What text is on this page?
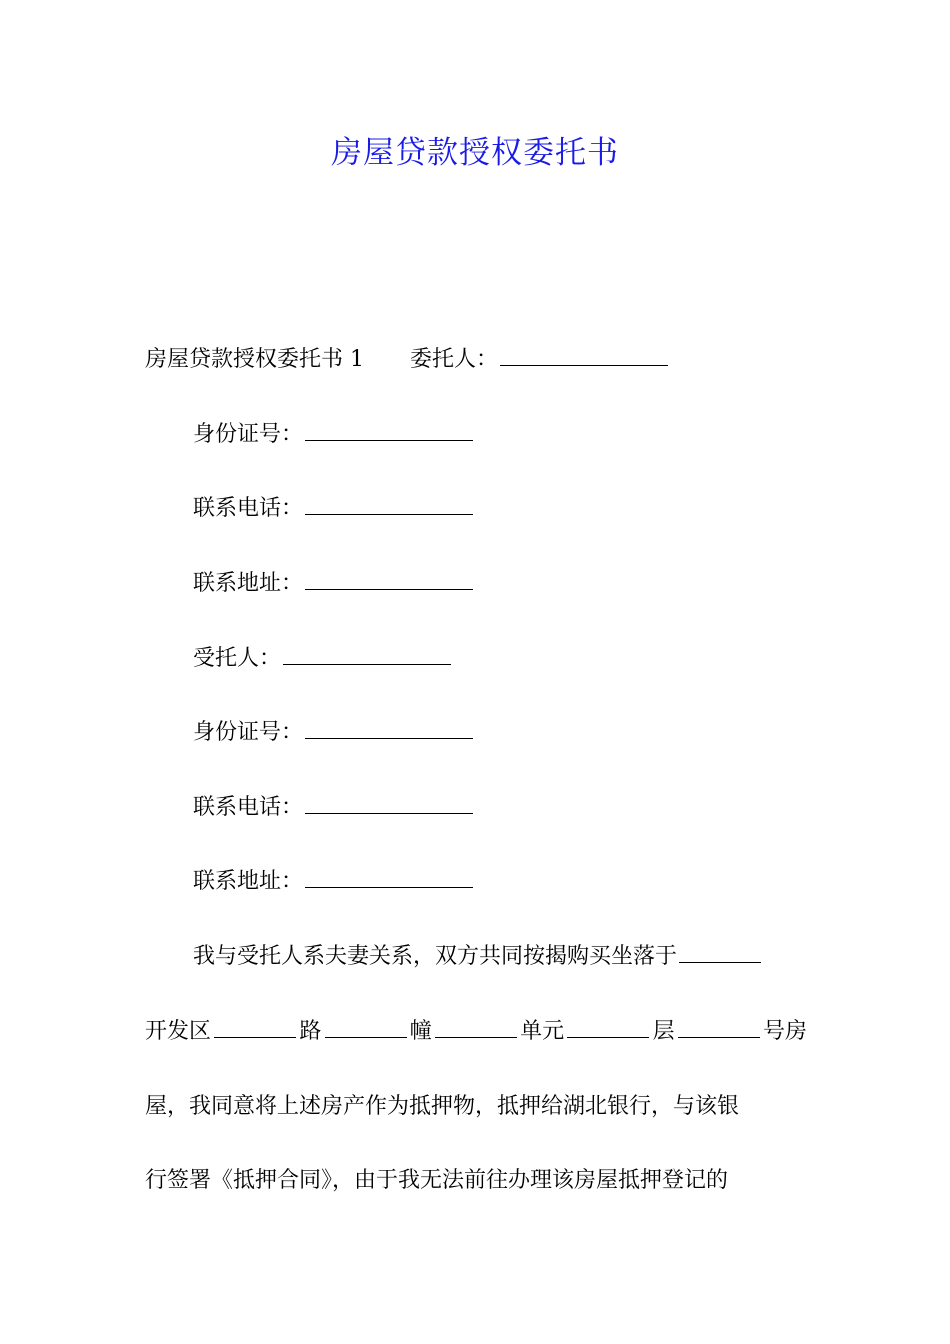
房屋贷款授权委托书
房屋贷款授权委托书 1 委托人：
身份证号：
联系电话：
联系地址：
受托人：
身份证号：
联系电话：
联系地址：
我与受托人系夫妻关系，双方共同按揭购买坐落于
开发区	路	幢	单元	层	号房
屋，我同意将上述房产作为抵押物，抵押给湖北银行，与该银
行签署《抵押合同》，由于我无法前往办理该房屋抵押登记的
